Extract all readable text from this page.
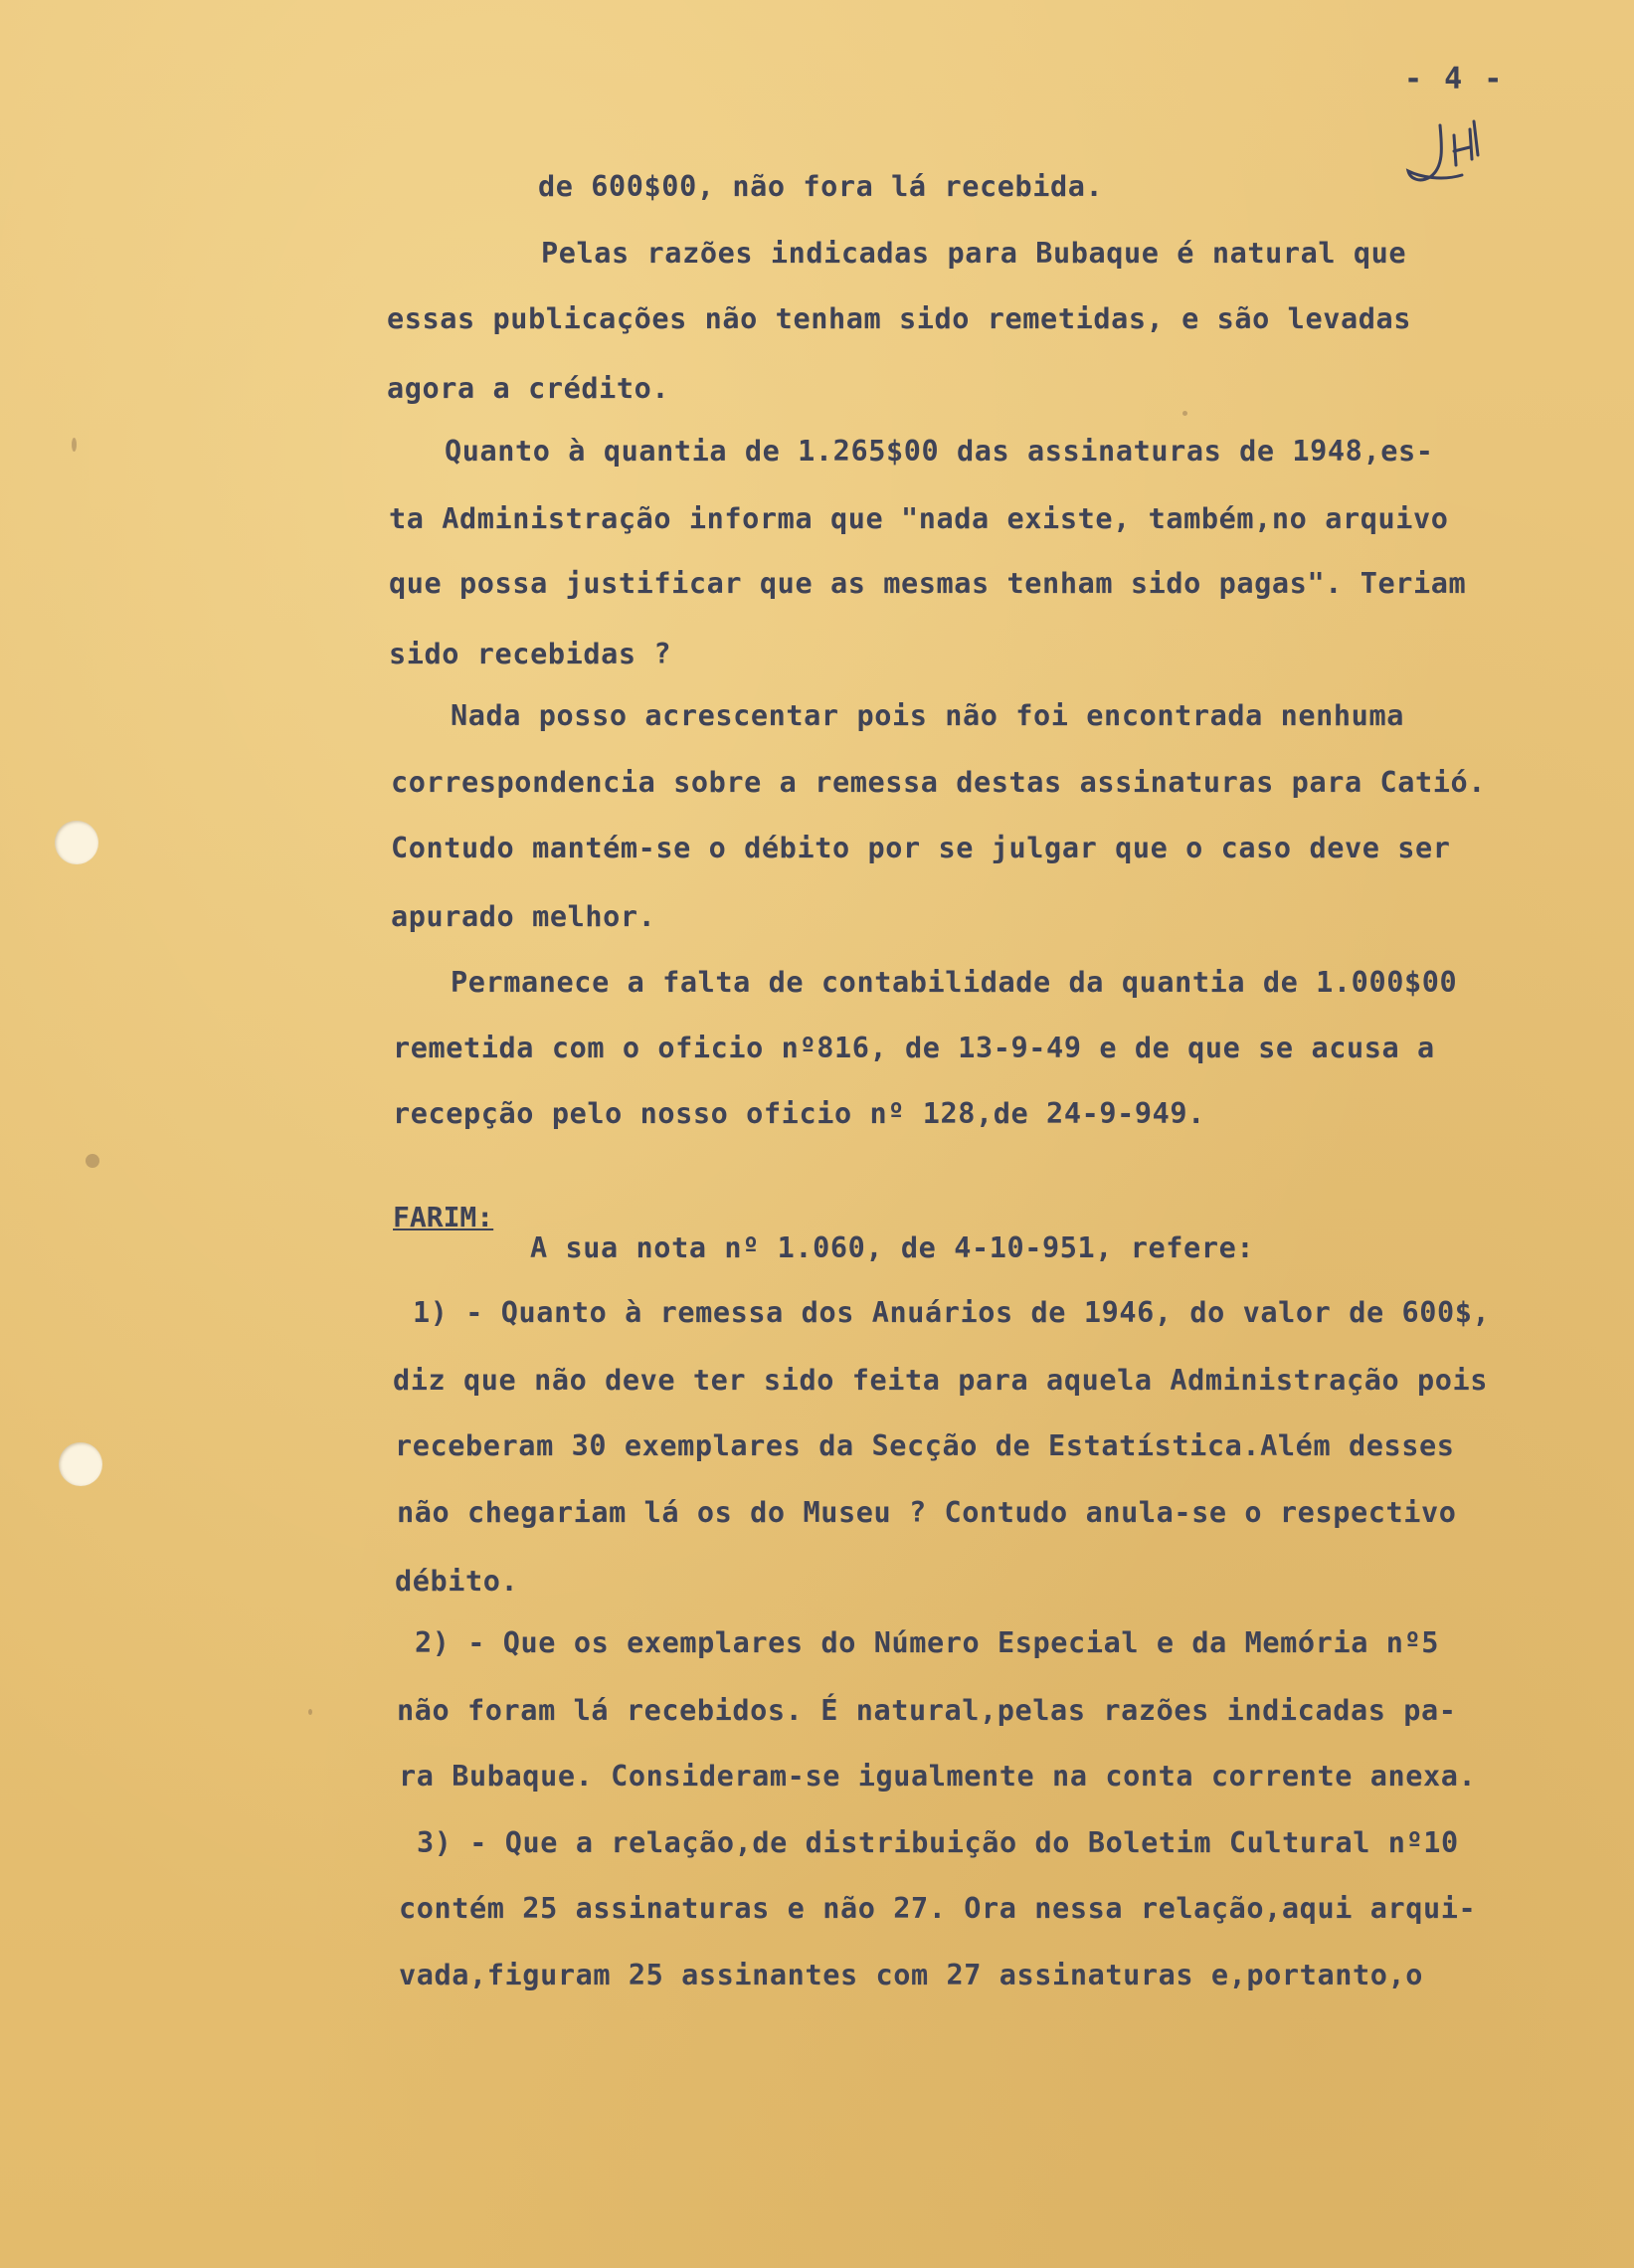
- 4 -
de 600$00, não fora lá recebida.
Pelas razões indicadas para Bubaque é natural que
essas publicações não tenham sido remetidas, e são levadas
agora a crédito.
Quanto à quantia de 1.265$00 das assinaturas de 1948,es-
ta Administração informa que "nada existe, também,no arquivo
que possa justificar que as mesmas tenham sido pagas". Teriam
sido recebidas ?
Nada posso acrescentar pois não foi encontrada nenhuma
correspondencia sobre a remessa destas assinaturas para Catió.
Contudo mantém-se o débito por se julgar que o caso deve ser
apurado melhor.
Permanece a falta de contabilidade da quantia de 1.000$00
remetida com o oficio nº816, de 13-9-49 e de que se acusa a
recepção pelo nosso oficio nº 128,de 24-9-949.
FARIM:
A sua nota nº 1.060, de 4-10-951, refere:
1) - Quanto à remessa dos Anuários de 1946, do valor de 600$,
diz que não deve ter sido feita para aquela Administração pois
receberam 30 exemplares da Secção de Estatística.Além desses
não chegariam lá os do Museu ? Contudo anula-se o respectivo
débito.
2) - Que os exemplares do Número Especial e da Memória nº5
não foram lá recebidos. É natural,pelas razões indicadas pa-
ra Bubaque. Consideram-se igualmente na conta corrente anexa.
3) - Que a relação,de distribuição do Boletim Cultural nº10
contém 25 assinaturas e não 27. Ora nessa relação,aqui arqui-
vada,figuram 25 assinantes com 27 assinaturas e,portanto,o
